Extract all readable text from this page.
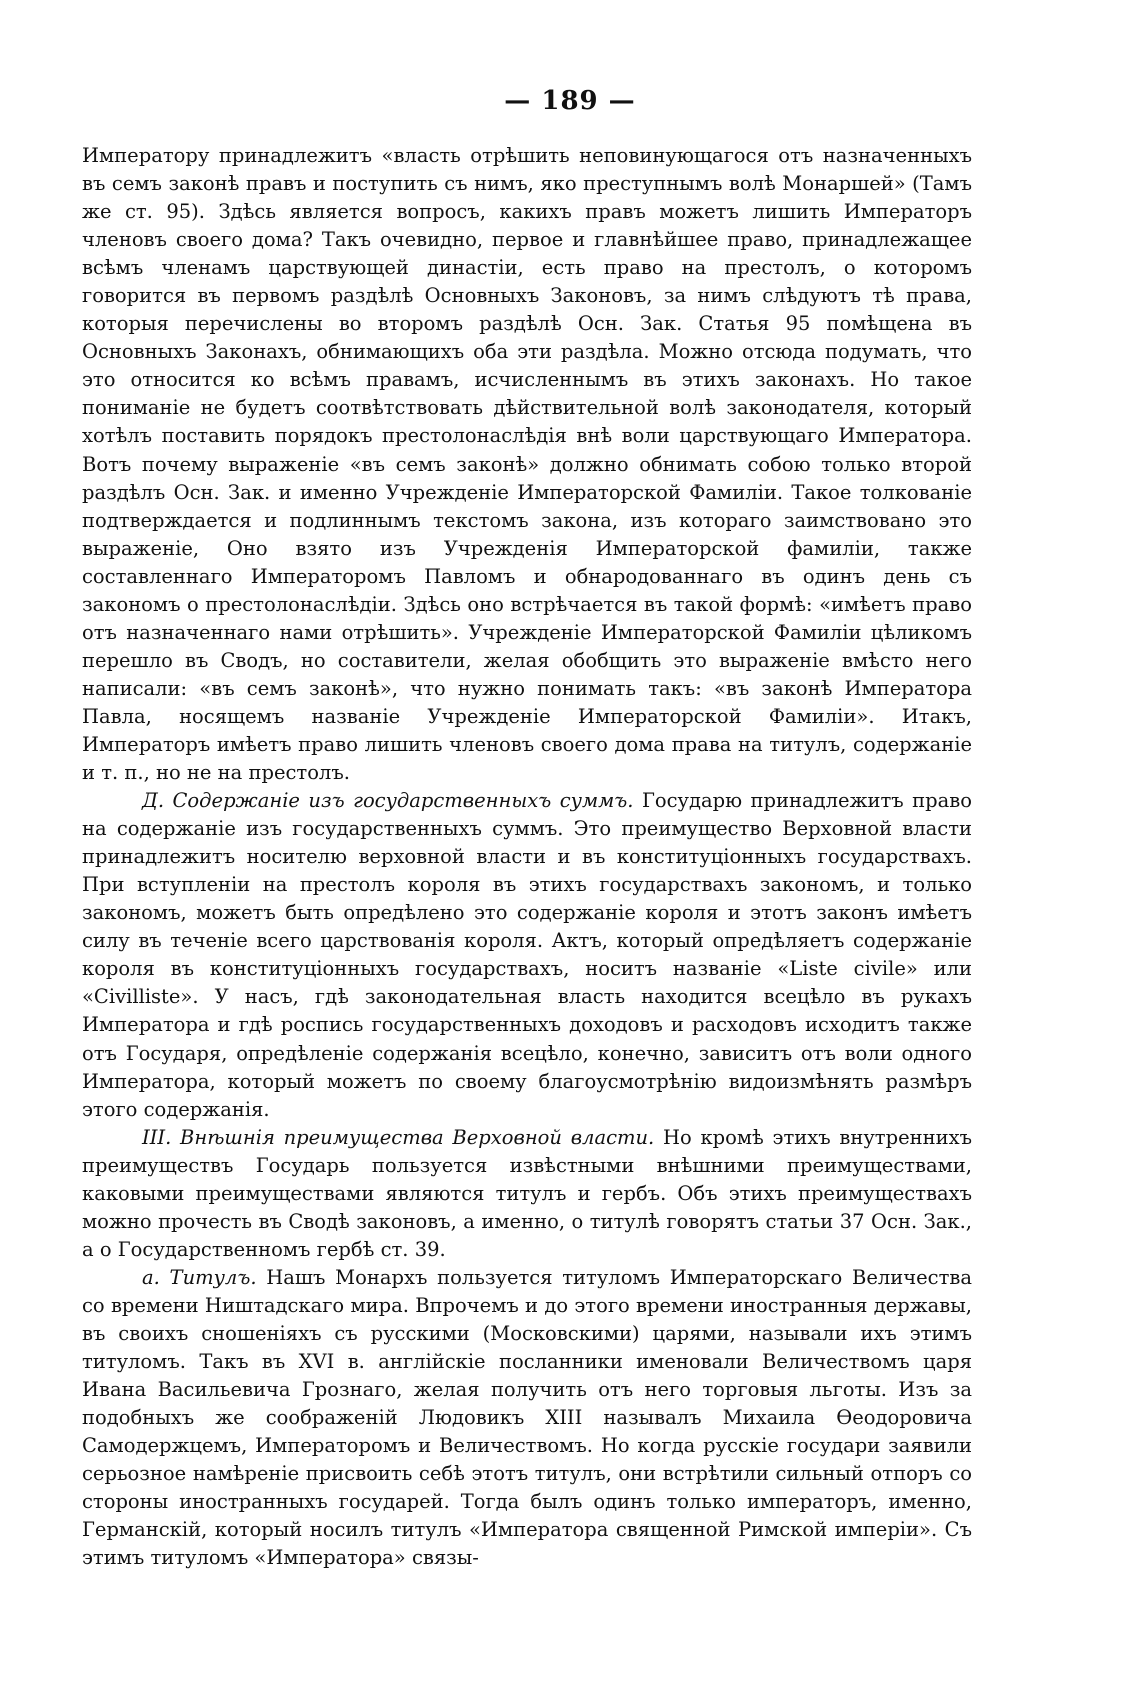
— 189 —

Императору принадлежитъ «власть отрѣшить неповинующагося отъ назначенныхъ въ семъ законѣ правъ и поступить съ нимъ, яко преступнымъ волѣ Монаршей» (Тамъ же ст. 95). Здѣсь является вопросъ, какихъ правъ можетъ лишить Императоръ членовъ своего дома? Такъ очевидно, первое и главнѣйшее право, принадлежащее всѣмъ членамъ царствующей династіи, есть право на престолъ, о которомъ говорится въ первомъ раздѣлѣ Основныхъ Законовъ, за нимъ слѣдуютъ тѣ права, которыя перечислены во второмъ раздѣлѣ Осн. Зак. Статья 95 помѣщена въ Основныхъ Законахъ, обнимающихъ оба эти раздѣла. Можно отсюда подумать, что это относится ко всѣмъ правамъ, исчисленнымъ въ этихъ законахъ. Но такое пониманіе не будетъ соотвѣтствовать дѣйствительной волѣ законодателя, который хотѣлъ поставить порядокъ престолонаслѣдія внѣ воли царствующаго Императора. Вотъ почему выраженіе «въ семъ законѣ» должно обнимать собою только второй раздѣлъ Осн. Зак. и именно Учрежденіе Императорской Фамиліи. Такое толкованіе подтверждается и подлиннымъ текстомъ закона, изъ котораго заимствовано это выраженіе, Оно взято изъ Учрежденія Императорской фамиліи, также составленнаго Императоромъ Павломъ и обнародованнаго въ одинъ день съ закономъ о престолонаслѣдіи. Здѣсь оно встрѣчается въ такой формѣ: «имѣетъ право отъ назначеннаго нами отрѣшить». Учрежденіе Императорской Фамиліи цѣликомъ перешло въ Сводъ, но составители, желая обобщить это выраженіе вмѣсто него написали: «въ семъ законѣ», что нужно понимать такъ: «въ законѣ Императора Павла, носящемъ названіе Учрежденіе Императорской Фамиліи». Итакъ, Императоръ имѣетъ право лишить членовъ своего дома права на титулъ, содержаніе и т. п., но не на престолъ.

Д. Содержаніе изъ государственныхъ суммъ. Государю принадлежитъ право на содержаніе изъ государственныхъ суммъ. Это преимущество Верховной власти принадлежитъ носителю верховной власти и въ конституціонныхъ государствахъ. При вступленіи на престолъ короля въ этихъ государствахъ закономъ, и только закономъ, можетъ быть опредѣлено это содержаніе короля и этотъ законъ имѣетъ силу въ теченіе всего царствованія короля. Актъ, который опредѣляетъ содержаніе короля въ конституціонныхъ государствахъ, носитъ названіе «Liste civile» или «Civilliste». У насъ, гдѣ законодательная власть находится всецѣло въ рукахъ Императора и гдѣ роспись государственныхъ доходовъ и расходовъ исходитъ также отъ Государя, опредѣленіе содержанія всецѣло, конечно, зависитъ отъ воли одного Императора, который можетъ по своему благоусмотрѣнію видоизмѣнять размѣръ этого содержанія.

III. Внѣшнія преимущества Верховной власти. Но кромѣ этихъ внутреннихъ преимуществъ Государь пользуется извѣстными внѣшними преимуществами, каковыми преимуществами являются титулъ и гербъ. Объ этихъ преимуществахъ можно прочесть въ Сводѣ законовъ, а именно, о титулѣ говорятъ статьи 37 Осн. Зак., а о Государственномъ гербѣ ст. 39.

а. Титулъ. Нашъ Монархъ пользуется титуломъ Императорскаго Величества со времени Ништадскаго мира. Впрочемъ и до этого времени иностранныя державы, въ своихъ сношеніяхъ съ русскими (Московскими) царями, называли ихъ этимъ титуломъ. Такъ въ XVI в. англійскіе посланники именовали Величествомъ царя Ивана Васильевича Грознаго, желая получить отъ него торговыя льготы. Изъ за подобныхъ же соображеній Людовикъ XIII называлъ Михаила Ѳеодоровича Самодержцемъ, Императоромъ и Величествомъ. Но когда русскіе государи заявили серьозное намѣреніе присвоить себѣ этотъ титулъ, они встрѣтили сильный отпоръ со стороны иностранныхъ государей. Тогда былъ одинъ только императоръ, именно, Германскій, который носилъ титулъ «Императора священной Римской имперіи». Съ этимъ титуломъ «Императора» связы-
